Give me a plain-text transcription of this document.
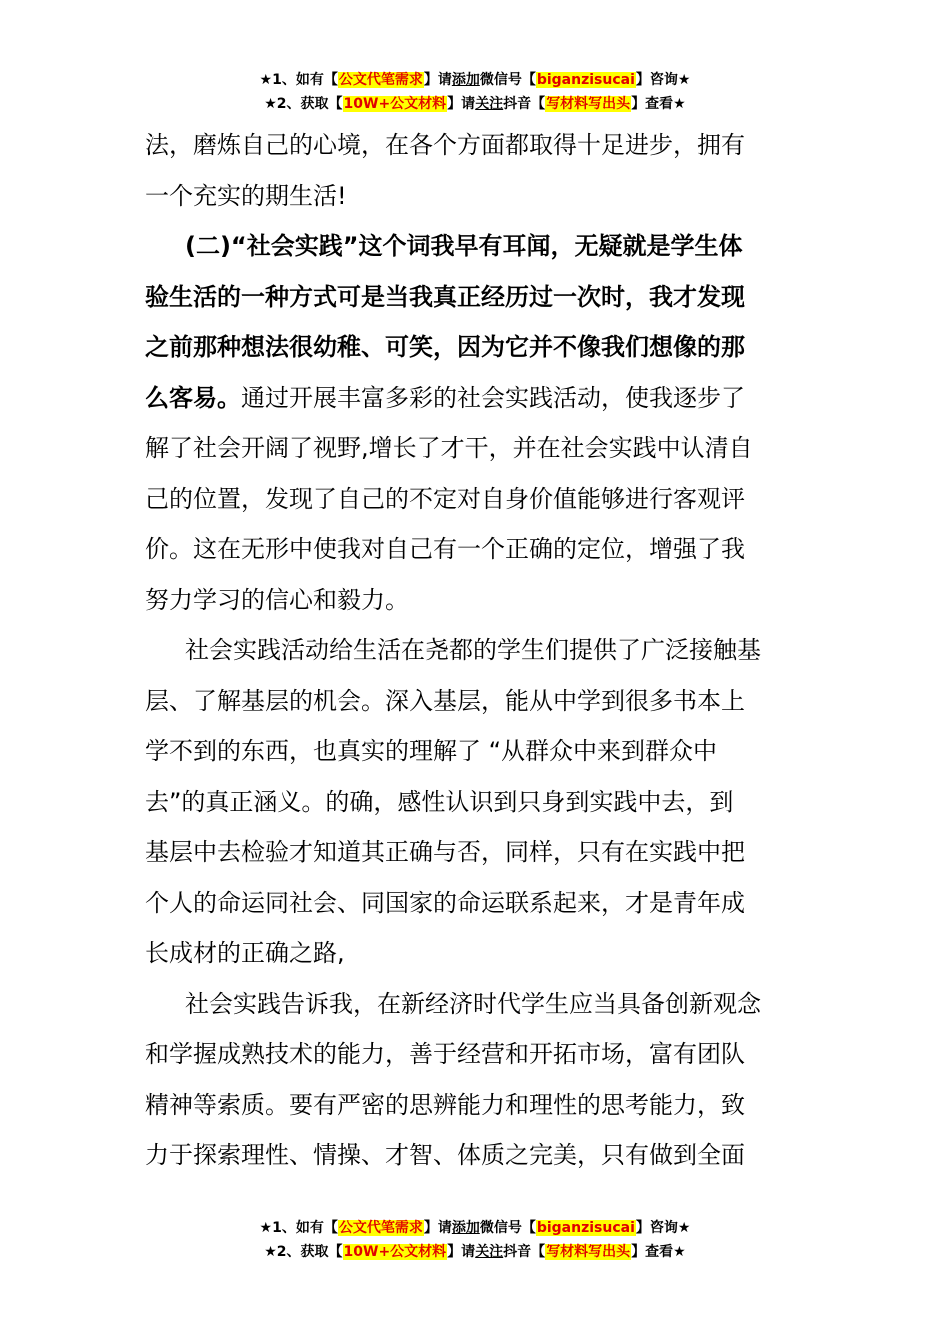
★1、如有【公文代笔需求】请添加微信号【biganzisucai】咨询★
★2、获取【10W+公文材料】请关注抖音【写材料写出头】查看★

法，磨炼自己的心境，在各个方面都取得十足进步，拥有
一个充实的期生活!

(二)“社会实践”这个词我早有耳闻，无疑就是学生体
验生活的一种方式可是当我真正经历过一次时，我才发现
之前那种想法很幼稚、可笑，因为它并不像我们想像的那
么客易。通过开展丰富多彩的社会实践活动，使我逐步了
解了社会开阔了视野,增长了才干，并在社会实践中认清自
己的位置，发现了自己的不定对自身价值能够进行客观评
价。这在无形中使我对自己有一个正确的定位，增强了我
努力学习的信心和毅力。

社会实践活动给生活在尧都的学生们提供了广泛接触基
层、了解基层的机会。深入基层，能从中学到很多书本上
学不到的东西，也真实的理解了 “从群众中来到群众中
去”的真正涵义。的确，感性认识到只身到实践中去，到
基层中去检验才知道其正确与否，同样，只有在实践中把
个人的命运同社会、同国家的命运联系起来，才是青年成
长成材的正确之路,

社会实践告诉我，在新经济时代学生应当具备创新观念
和学握成熟技术的能力，善于经营和开拓市场，富有团队
精神等索质。要有严密的思辨能力和理性的思考能力，致
力于探索理性、情操、才智、体质之完美，只有做到全面

★1、如有【公文代笔需求】请添加微信号【biganzisucai】咨询★
★2、获取【10W+公文材料】请关注抖音【写材料写出头】查看★
